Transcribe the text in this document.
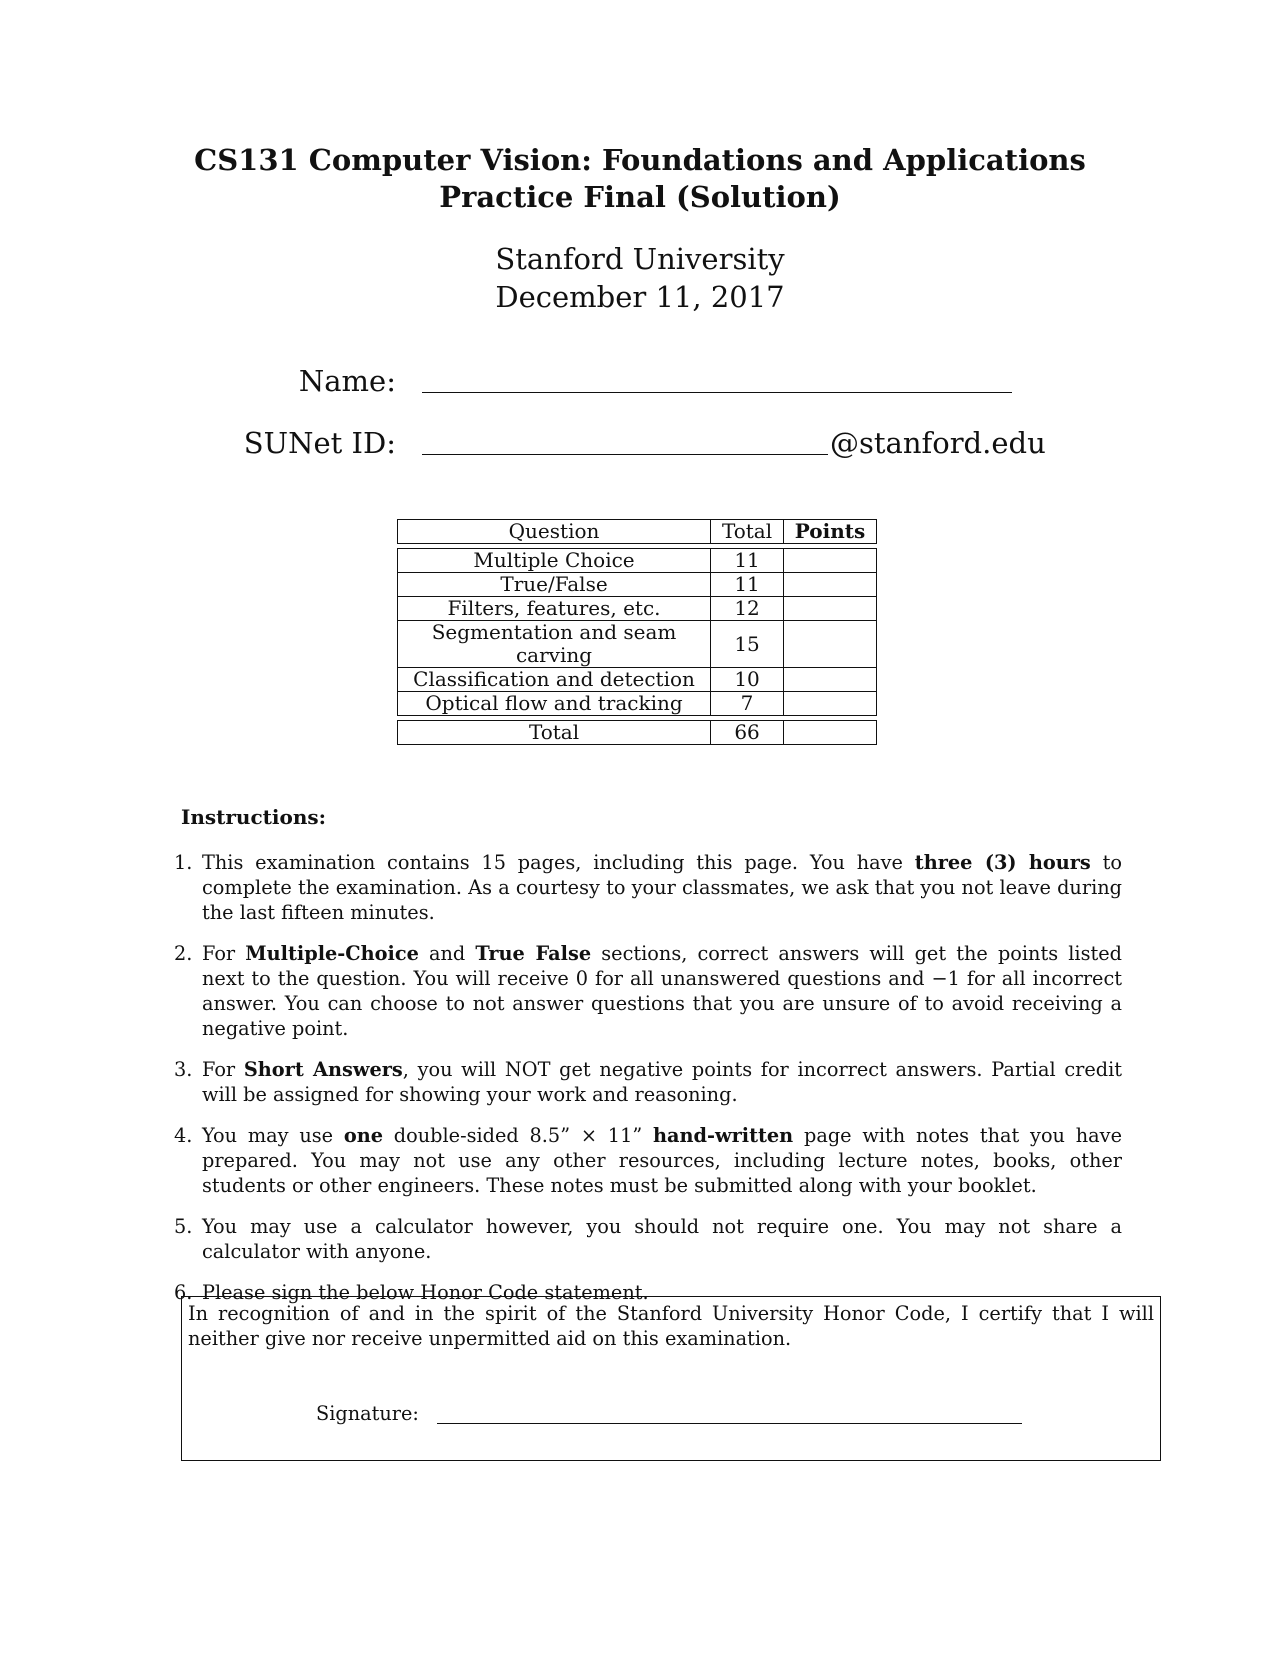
CS131 Computer Vision: Foundations and Applications
Practice Final (Solution)
Stanford University
December 11, 2017
Name:
SUNet ID:	@stanford.edu
Question	Total	Points

Multiple Choice	11	
True/False	11	
Filters, features, etc.	12	
Segmentation and seam carving	15	
Classification and detection	10	
Optical flow and tracking	7	

Total	66	
Instructions:
1. This examination contains 15 pages, including this page. You have three (3) hours to complete the examination. As a courtesy to your classmates, we ask that you not leave during the last fifteen minutes.
2. For Multiple-Choice and True False sections, correct answers will get the points listed next to the question. You will receive 0 for all unanswered questions and −1 for all incorrect answer. You can choose to not answer questions that you are unsure of to avoid receiving a negative point.
3. For Short Answers, you will NOT get negative points for incorrect answers. Partial credit will be assigned for showing your work and reasoning.
4. You may use one double-sided 8.5” × 11” hand-written page with notes that you have prepared. You may not use any other resources, including lecture notes, books, other students or other engineers. These notes must be submitted along with your booklet.
5. You may use a calculator however, you should not require one. You may not share a calculator with anyone.
6. Please sign the below Honor Code statement.
In recognition of and in the spirit of the Stanford University Honor Code, I certify that I will neither give nor receive unpermitted aid on this examination.
Signature:
